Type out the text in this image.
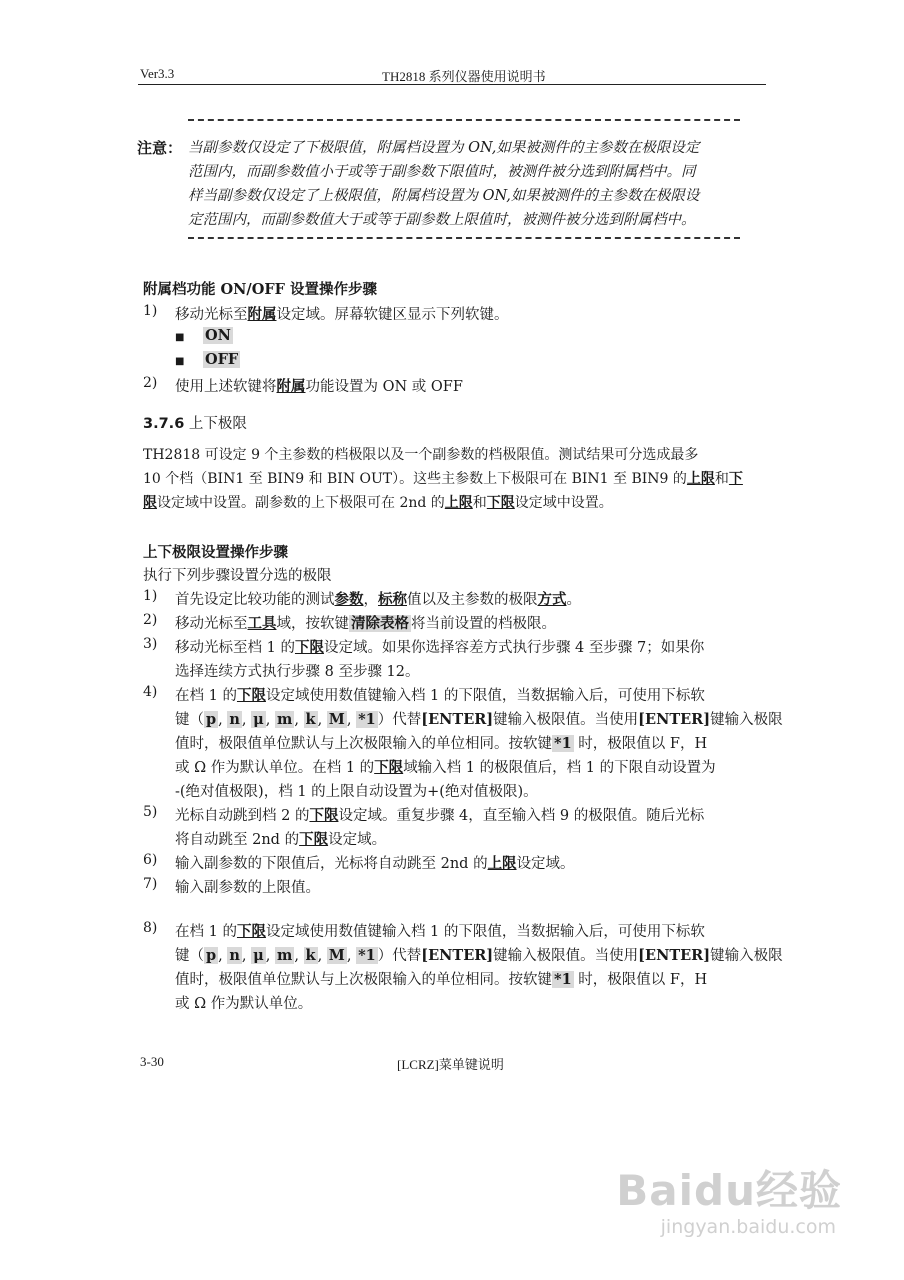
Ver3.3	TH2818 系列仪器使用说明书
注意： 当副参数仅设定了下极限值，附属档设置为 ON,如果被测件的主参数在极限设定
范围内，而副参数值小于或等于副参数下限值时，被测件被分选到附属档中。同
样当副参数仅设定了上极限值，附属档设置为 ON,如果被测件的主参数在极限设
定范围内，而副参数值大于或等于副参数上限值时，被测件被分选到附属档中。
附属档功能 ON/OFF 设置操作步骤
1) 移动光标至附属设定域。屏幕软键区显示下列软键。
■ ON
■ OFF
2) 使用上述软键将附属功能设置为 ON 或 OFF
3.7.6 上下极限
TH2818 可设定 9 个主参数的档极限以及一个副参数的档极限值。测试结果可分选成最多
10 个档（BIN1 至 BIN9 和 BIN OUT）。这些主参数上下极限可在 BIN1 至 BIN9 的上限和下
限设定域中设置。副参数的上下极限可在 2nd 的上限和下限设定域中设置。
上下极限设置操作步骤
执行下列步骤设置分选的极限
1) 首先设定比较功能的测试参数，标称值以及主参数的极限方式。
2) 移动光标至工具域，按软键 清除表格 将当前设置的档极限。
3) 移动光标至档 1 的下限设定域。如果你选择容差方式执行步骤 4 至步骤 7；如果你
选择连续方式执行步骤 8 至步骤 12。
4) 在档 1 的下限设定域使用数值键输入档 1 的下限值，当数据输入后，可使用下标软
键（ p , n , μ , m , k , M , *1 ）代替[ENTER]键输入极限值。当使用[ENTER]键输入极限
值时，极限值单位默认与上次极限输入的单位相同。按软键 *1 时，极限值以 F，H
或 Ω 作为默认单位。在档 1 的下限域输入档 1 的极限值后，档 1 的下限自动设置为
-(绝对值极限)，档 1 的上限自动设置为+(绝对值极限)。
5) 光标自动跳到档 2 的下限设定域。重复步骤 4，直至输入档 9 的极限值。随后光标
将自动跳至 2nd 的下限设定域。
6) 输入副参数的下限值后，光标将自动跳至 2nd 的上限设定域。
7) 输入副参数的上限值。
8) 在档 1 的下限设定域使用数值键输入档 1 的下限值，当数据输入后，可使用下标软
键（ p , n , μ , m , k , M , *1 ）代替[ENTER]键输入极限值。当使用[ENTER]键输入极限
值时，极限值单位默认与上次极限输入的单位相同。按软键 *1 时，极限值以 F，H
或 Ω 作为默认单位。
3-30	[LCRZ]菜单键说明
Baidu经验
jingyan.baidu.com
